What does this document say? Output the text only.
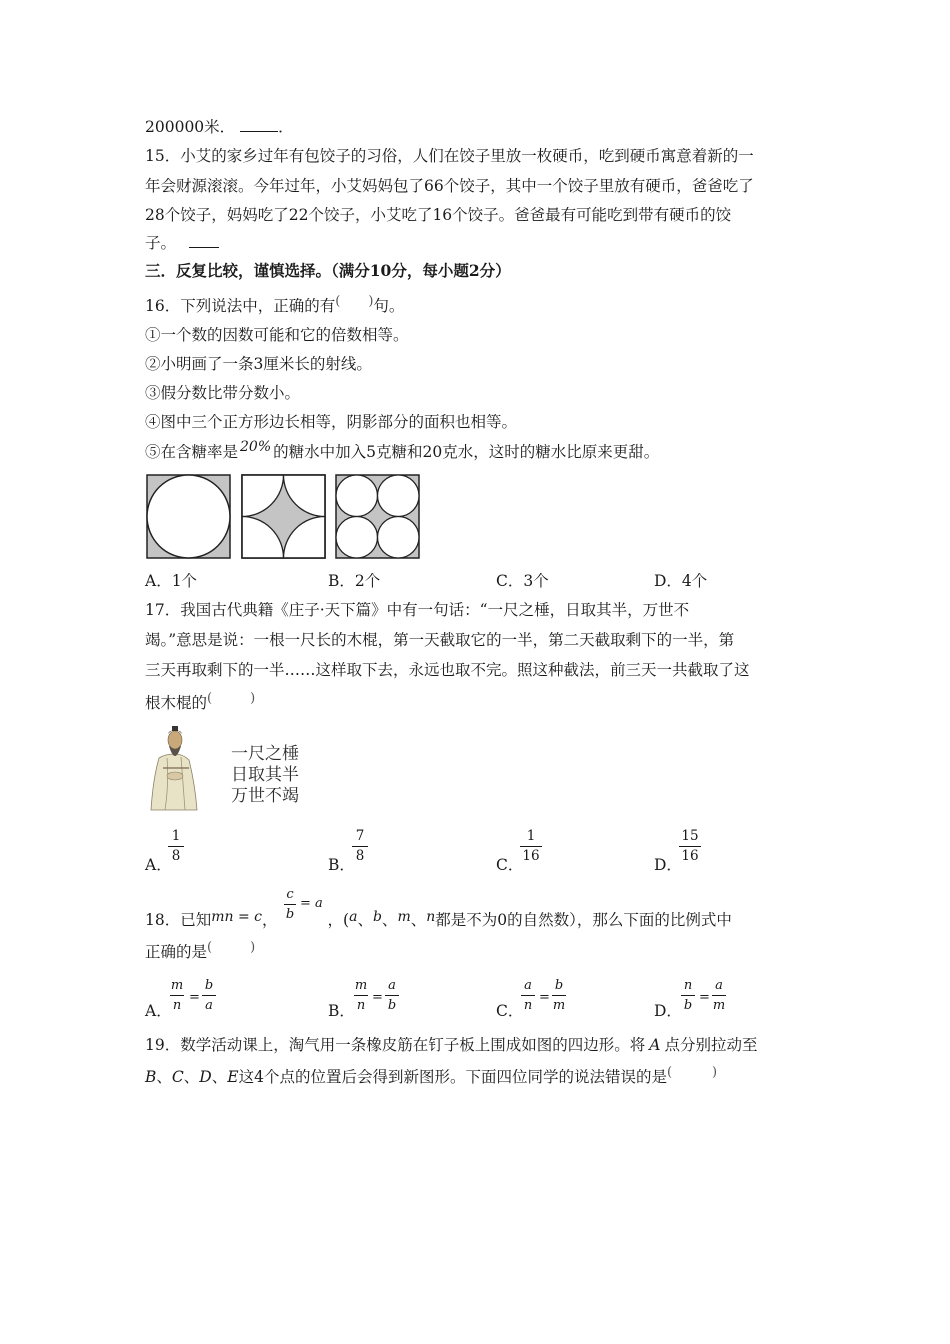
200000米．	．
15．小艾的家乡过年有包饺子的习俗，人们在饺子里放一枚硬币，吃到硬币寓意着新的一
年会财源滚滚。今年过年，小艾妈妈包了66个饺子，其中一个饺子里放有硬币，爸爸吃了
28个饺子，妈妈吃了22个饺子，小艾吃了16个饺子。爸爸最有可能吃到带有硬币的饺
子。
三．反复比较，谨慎选择。（满分10分，每小题2分）
16．下列说法中，正确的有( )句。
①一个数的因数可能和它的倍数相等。
②小明画了一条3厘米长的射线。
③假分数比带分数小。
④图中三个正方形边长相等，阴影部分的面积也相等。
⑤在含糖率是 20% 的糖水中加入5克糖和20克水，这时的糖水比原来更甜。
A．1个	B．2个	C．3个	D．4个
17．我国古代典籍《庄子·天下篇》中有一句话：“一尺之棰，日取其半，万世不
竭。”意思是说：一根一尺长的木棍，第一天截取它的一半，第二天截取剩下的一半，第
三天再取剩下的一半……这样取下去，永远也取不完。照这种截法，前三天一共截取了这
根木棍的(	)
一尺之棰
日取其半
万世不竭
A．
1
8	B．
7
8	C．
1
16	D．
15
16
18．已知mn = c，	，(a、b、m、n都是不为0的自然数），那么下面的比例式中
c
b
= a
正确的是(	)
A．
m
n
=
b
a	B．
m
n
=
a
b	C．
a
n
=
b
m	D．
n
b
=
a
m
19．数学活动课上，淘气用一条橡皮筋在钉子板上围成如图的四边形。将 A 点分别拉动至
B、C、D、E这4个点的位置后会得到新图形。下面四位同学的说法错误的是(	)
